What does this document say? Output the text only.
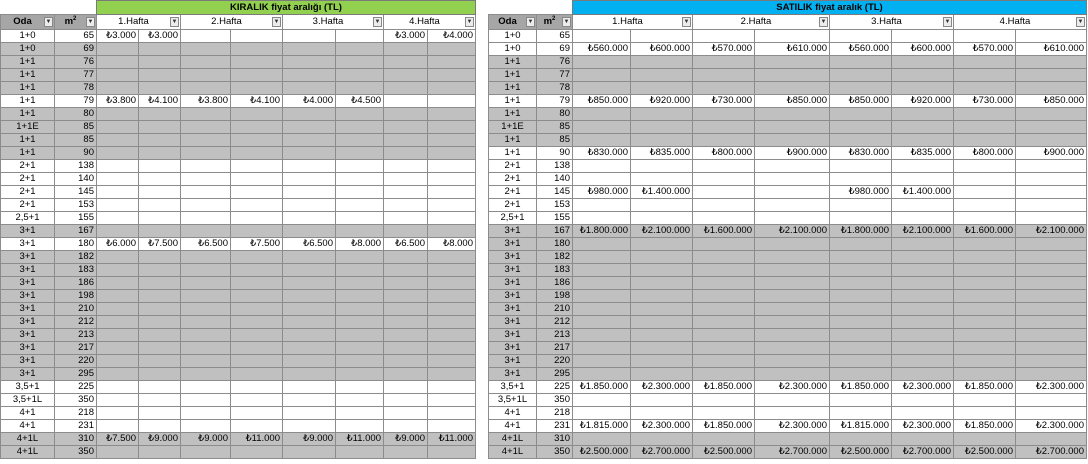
		KIRALIK fiyat aralığı (TL)							
Oda ▼	$m^2$
▼	1.Hafta ▼		2.Hafta ▼		3.Hafta ▼		4.Hafta ▼	

1+0	65	₺3.000	₺3.000					₺3.000	₺4.000
1+0	69								
1+1	76								
1+1	77								
1+1	78								
1+1	79	₺3.800	₺4.100	₺3.800	₺4.100	₺4.000	₺4.500		
1+1	80								
1+1E	85								
1+1	85								
1+1	90								
2+1	138								
2+1	140								
2+1	145								
2+1	153								
2,5+1	155								
3+1	167								
3+1	180	₺6.000	₺7.500	₺6.500	₺7.500	₺6.500	₺8.000	₺6.500	₺8.000
3+1	182								
3+1	183								
3+1	186								
3+1	198								
3+1	210								
3+1	212								
3+1	213								
3+1	217								
3+1	220								
3+1	295								
3,5+1	225								
3,5+1L	350								
4+1	218								
4+1	231								
4+1L	310	₺7.500	₺9.000	₺9.000	₺11.000	₺9.000	₺11.000	₺9.000	₺11.000
4+1L	350								
		SATILIK fiyat aralık (TL)							
Oda ▼	$m^2$
▼	1.Hafta ▼		2.Hafta ▼		3.Hafta ▼		4.Hafta ▼	

1+0	65								
1+0	69	₺560.000	₺600.000	₺570.000	₺610.000	₺560.000	₺600.000	₺570.000	₺610.000
1+1	76								
1+1	77								
1+1	78								
1+1	79	₺850.000	₺920.000	₺730.000	₺850.000	₺850.000	₺920.000	₺730.000	₺850.000
1+1	80								
1+1E	85								
1+1	85								
1+1	90	₺830.000	₺835.000	₺800.000	₺900.000	₺830.000	₺835.000	₺800.000	₺900.000
2+1	138								
2+1	140								
2+1	145	₺980.000	₺1.400.000			₺980.000	₺1.400.000		
2+1	153								
2,5+1	155								
3+1	167	₺1.800.000	₺2.100.000	₺1.600.000	₺2.100.000	₺1.800.000	₺2.100.000	₺1.600.000	₺2.100.000
3+1	180								
3+1	182								
3+1	183								
3+1	186								
3+1	198								
3+1	210								
3+1	212								
3+1	213								
3+1	217								
3+1	220								
3+1	295								
3,5+1	225	₺1.850.000	₺2.300.000	₺1.850.000	₺2.300.000	₺1.850.000	₺2.300.000	₺1.850.000	₺2.300.000
3,5+1L	350								
4+1	218								
4+1	231	₺1.815.000	₺2.300.000	₺1.850.000	₺2.300.000	₺1.815.000	₺2.300.000	₺1.850.000	₺2.300.000
4+1L	310								
4+1L	350	₺2.500.000	₺2.700.000	₺2.500.000	₺2.700.000	₺2.500.000	₺2.700.000	₺2.500.000	₺2.700.000
